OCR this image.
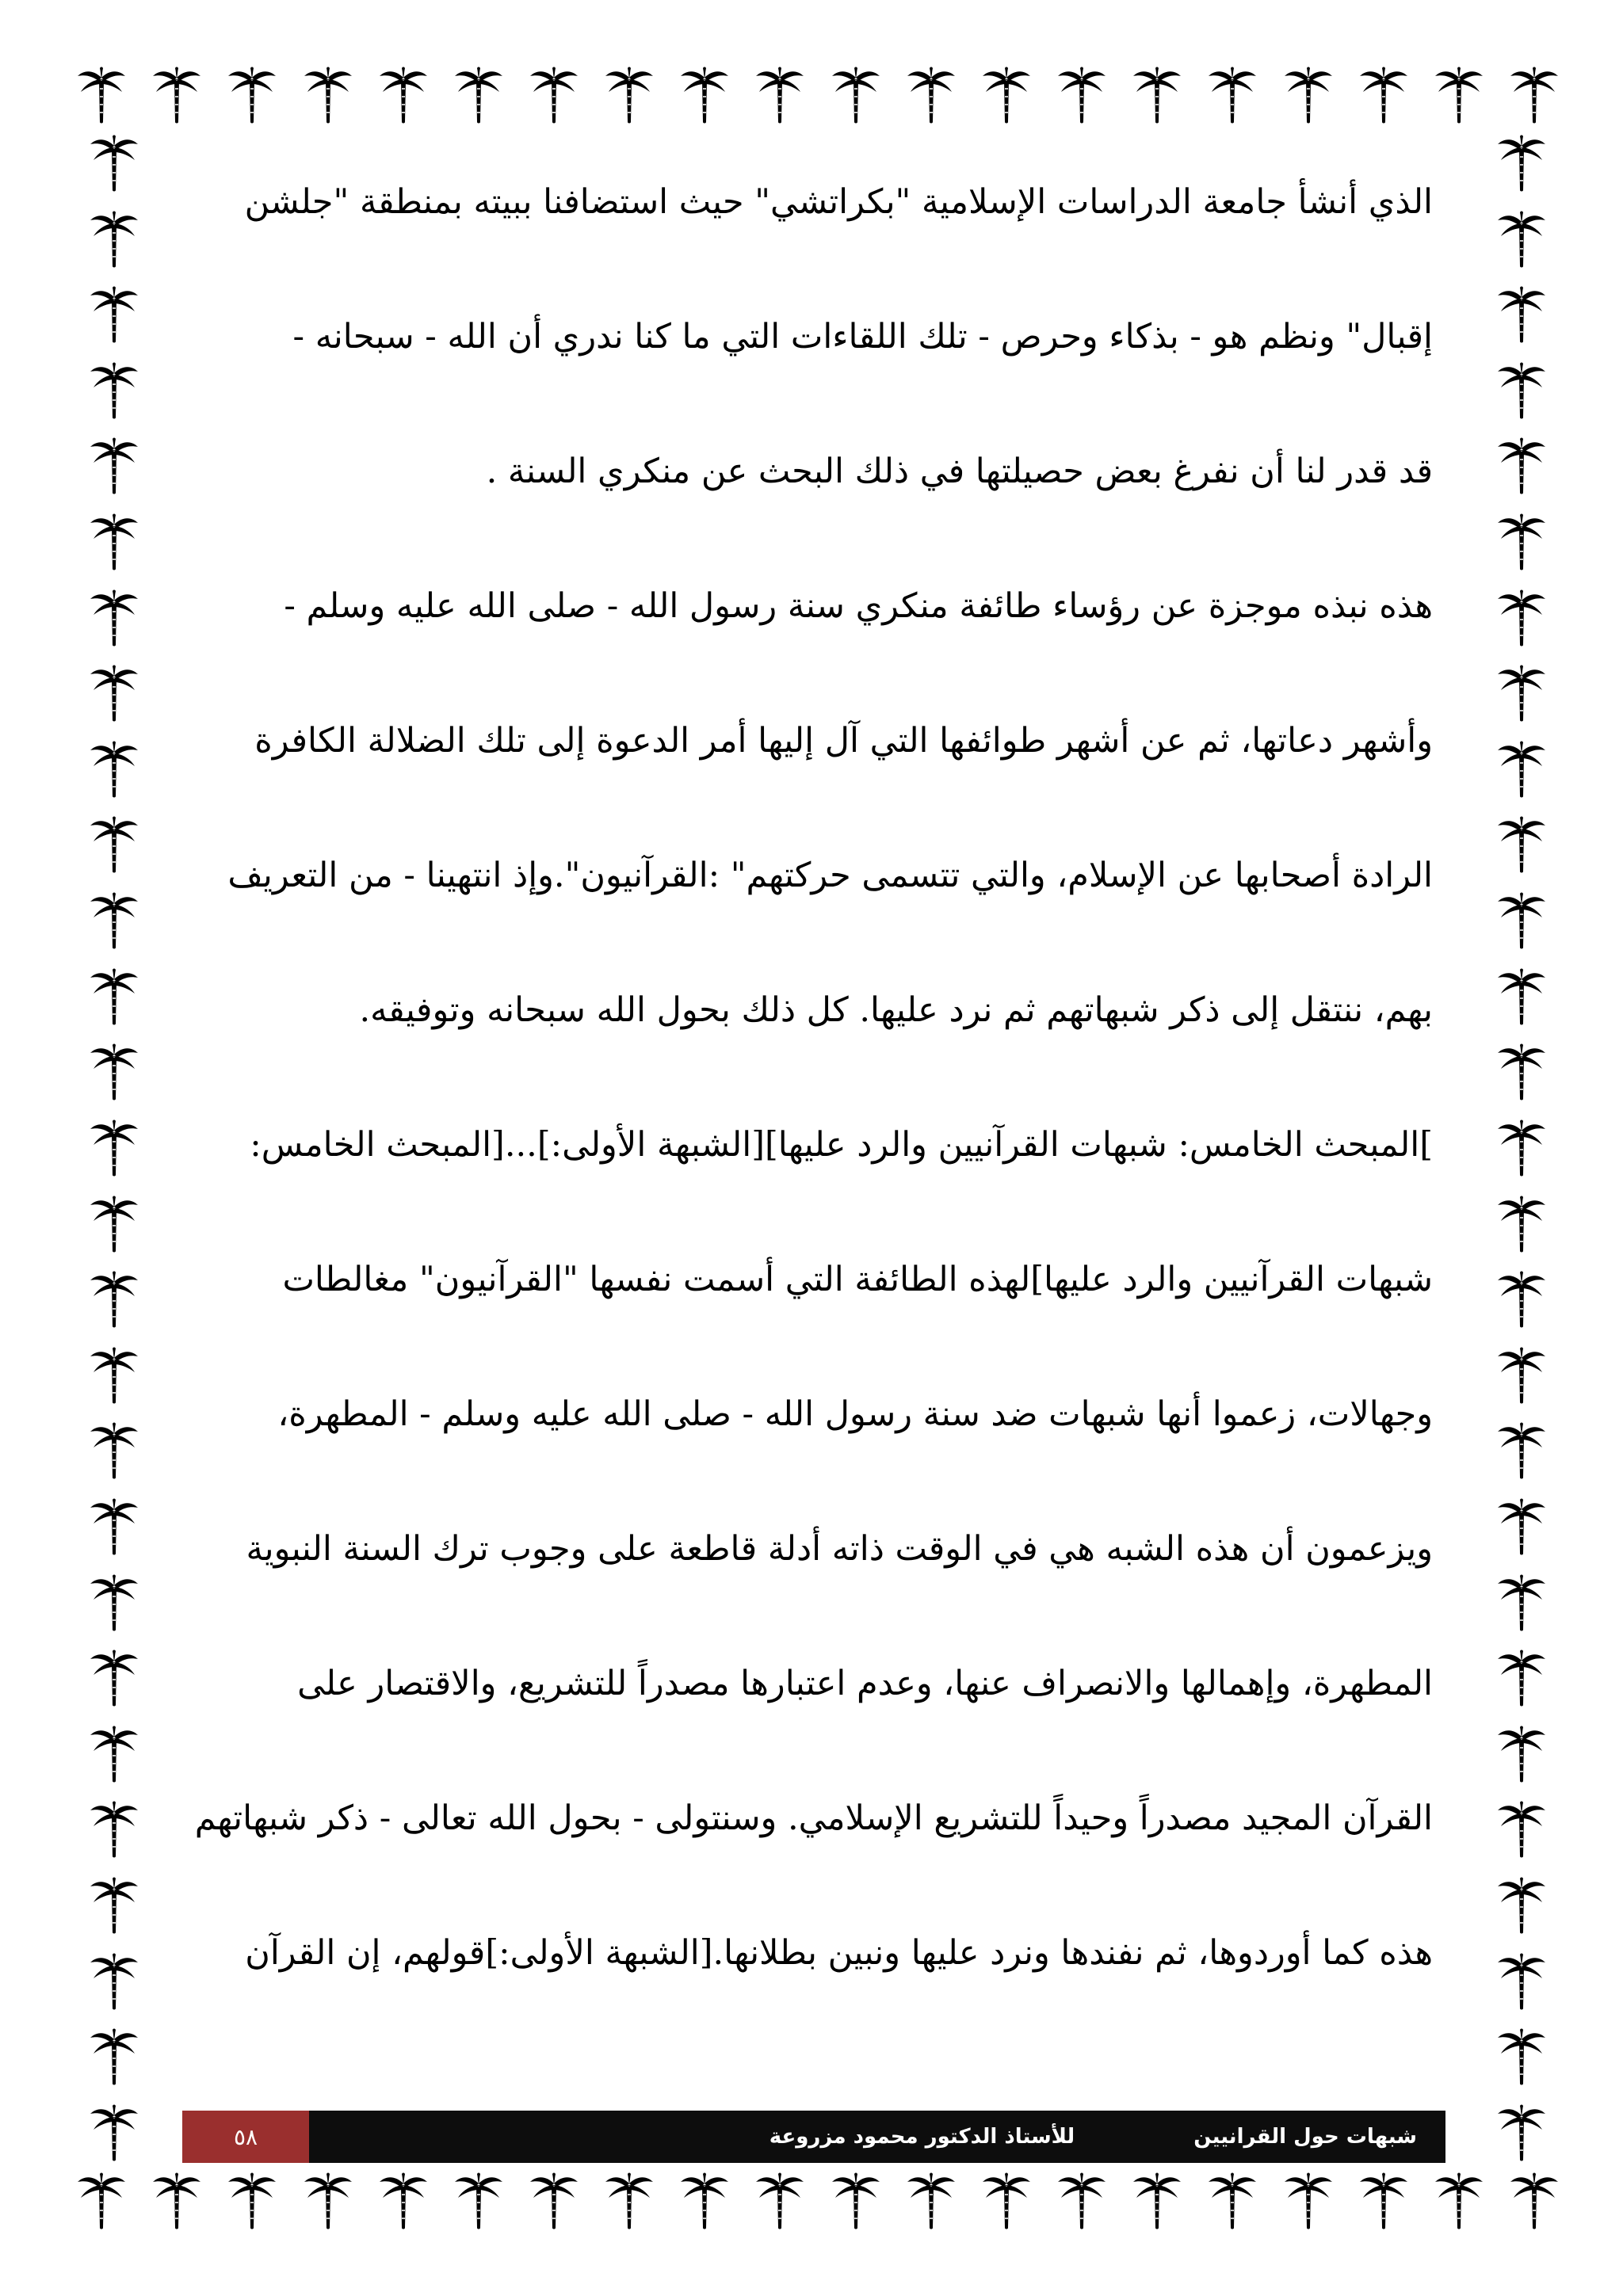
الذي أنشأ جامعة الدراسات الإسلامية "بكراتشي" حيث استضافنا ببيته بمنطقة "جلشن
إقبال" ونظم هو - بذكاء وحرص - تلك اللقاءات التي ما كنا ندري أن الله - سبحانه -
قد قدر لنا أن نفرغ بعض حصيلتها في ذلك البحث عن منكري السنة .
هذه نبذه موجزة عن رؤساء طائفة منكري سنة رسول الله - صلى الله عليه وسلم -
وأشهر دعاتها، ثم عن أشهر طوائفها التي آل إليها أمر الدعوة إلى تلك الضلالة الكافرة
الرادة أصحابها عن الإسلام، والتي تتسمى حركتهم" :القرآنيون".وإذ انتهينا - من التعريف
بهم، ننتقل إلى ذكر شبهاتهم ثم نرد عليها. كل ذلك بحول الله سبحانه وتوفيقه.
]المبحث الخامس: شبهات القرآنيين والرد عليها][الشبهة الأولى:]...[المبحث الخامس:
شبهات القرآنيين والرد عليها]لهذه الطائفة التي أسمت نفسها "القرآنيون" مغالطات
وجهالات، زعموا أنها شبهات ضد سنة رسول الله - صلى الله عليه وسلم - المطهرة،
ويزعمون أن هذه الشبه هي في الوقت ذاته أدلة قاطعة على وجوب ترك السنة النبوية
المطهرة، وإهمالها والانصراف عنها، وعدم اعتبارها مصدراً للتشريع، والاقتصار على
القرآن المجيد مصدراً وحيداً للتشريع الإسلامي. وسنتولى - بحول الله تعالى - ذكر شبهاتهم
هذه كما أوردوها، ثم نفندها ونرد عليها ونبين بطلانها.[الشبهة الأولى:]قولهم، إن القرآن
شبهات حول القرانيين
للأستاذ الدكتور محمود مزروعة
٥٨
